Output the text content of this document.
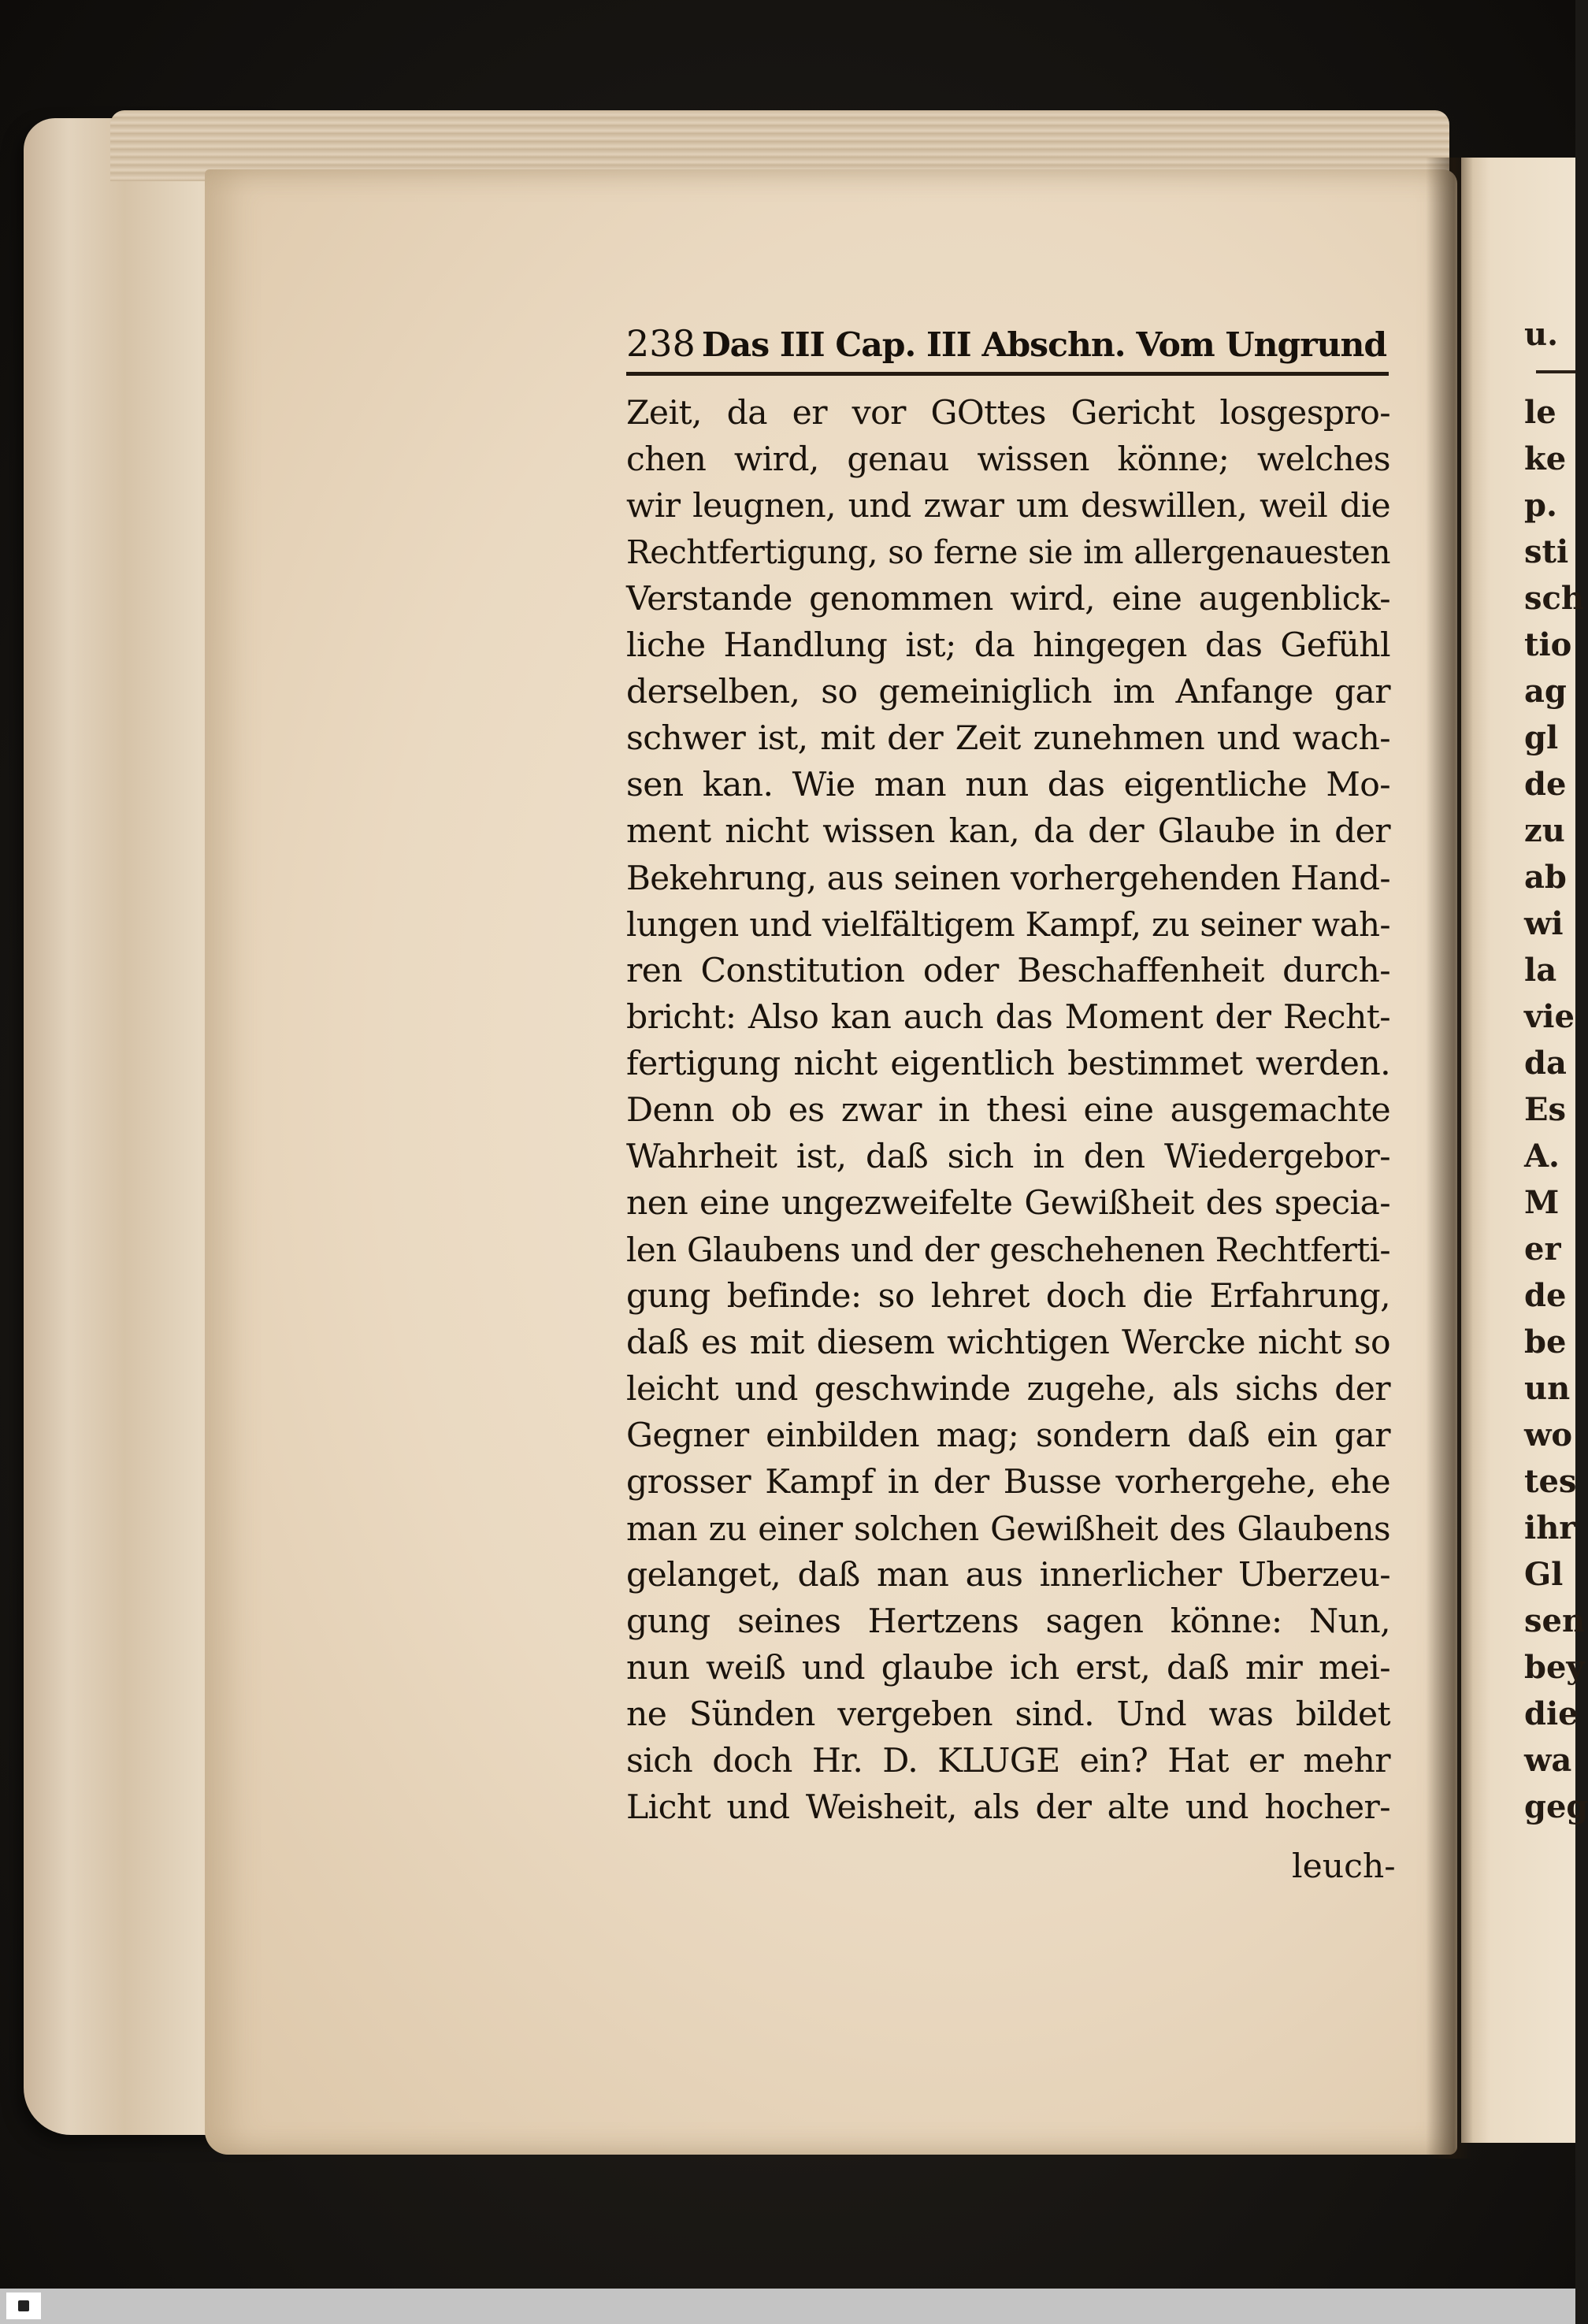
238 Das III Cap. III Abschn. Vom Ungrund
Zeit, da er vor GOttes Gericht losgespro-
chen wird, genau wissen könne; welches
wir leugnen, und zwar um deswillen, weil die
Rechtfertigung, so ferne sie im allergenauesten
Verstande genommen wird, eine augenblick-
liche Handlung ist; da hingegen das Gefühl
derselben, so gemeiniglich im Anfange gar
schwer ist, mit der Zeit zunehmen und wach-
sen kan. Wie man nun das eigentliche Mo-
ment nicht wissen kan, da der Glaube in der
Bekehrung, aus seinen vorhergehenden Hand-
lungen und vielfältigem Kampf, zu seiner wah-
ren Constitution oder Beschaffenheit durch-
bricht: Also kan auch das Moment der Recht-
fertigung nicht eigentlich bestimmet werden.
Denn ob es zwar in thesi eine ausgemachte
Wahrheit ist, daß sich in den Wiedergebor-
nen eine ungezweifelte Gewißheit des specia-
len Glaubens und der geschehenen Rechtferti-
gung befinde: so lehret doch die Erfahrung,
daß es mit diesem wichtigen Wercke nicht so
leicht und geschwinde zugehe, als sichs der
Gegner einbilden mag; sondern daß ein gar
grosser Kampf in der Busse vorhergehe, ehe
man zu einer solchen Gewißheit des Glaubens
gelanget, daß man aus innerlicher Uberzeu-
gung seines Hertzens sagen könne: Nun,
nun weiß und glaube ich erst, daß mir mei-
ne Sünden vergeben sind. Und was bildet
sich doch Hr. D. KLUGE ein? Hat er mehr
Licht und Weisheit, als der alte und hocher-
leuch-
u.
le
ke
p.
sti
sch
tio
ag
gl
de
zu
ab
wi
la
vie
da
Es
A.
M
er
de
be
un
wo
tes
ihr
Gl
sen
bey
die
wa
geg
